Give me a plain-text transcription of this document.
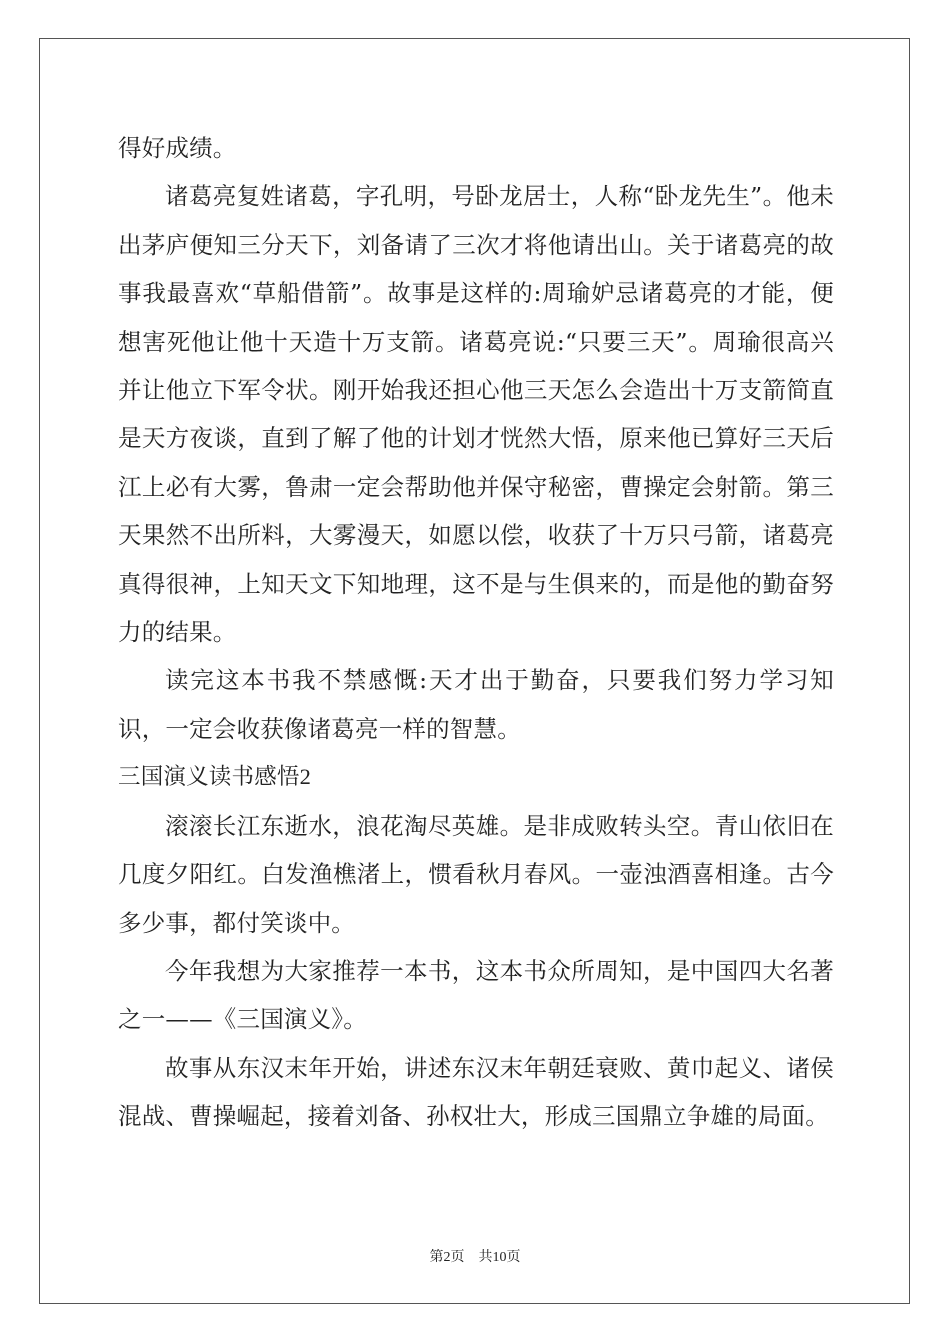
得好成绩。

诸葛亮复姓诸葛，字孔明，号卧龙居士，人称“卧龙先生”。他未出茅庐便知三分天下，刘备请了三次才将他请出山。关于诸葛亮的故事我最喜欢“草船借箭”。故事是这样的:周瑜妒忌诸葛亮的才能，便想害死他让他十天造十万支箭。诸葛亮说:“只要三天”。周瑜很高兴并让他立下军令状。刚开始我还担心他三天怎么会造出十万支箭简直是天方夜谈，直到了解了他的计划才恍然大悟，原来他已算好三天后江上必有大雾，鲁肃一定会帮助他并保守秘密，曹操定会射箭。第三天果然不出所料，大雾漫天，如愿以偿，收获了十万只弓箭，诸葛亮真得很神，上知天文下知地理，这不是与生俱来的，而是他的勤奋努力的结果。

读完这本书我不禁感慨:天才出于勤奋，只要我们努力学习知识，一定会收获像诸葛亮一样的智慧。

三国演义读书感悟2

滚滚长江东逝水，浪花淘尽英雄。是非成败转头空。青山依旧在几度夕阳红。白发渔樵渚上，惯看秋月春风。一壶浊酒喜相逢。古今多少事，都付笑谈中。

今年我想为大家推荐一本书，这本书众所周知，是中国四大名著之一——《三国演义》。

故事从东汉末年开始，讲述东汉末年朝廷衰败、黄巾起义、诸侯混战、曹操崛起，接着刘备、孙权壮大，形成三国鼎立争雄的局面。

第2页 共10页
